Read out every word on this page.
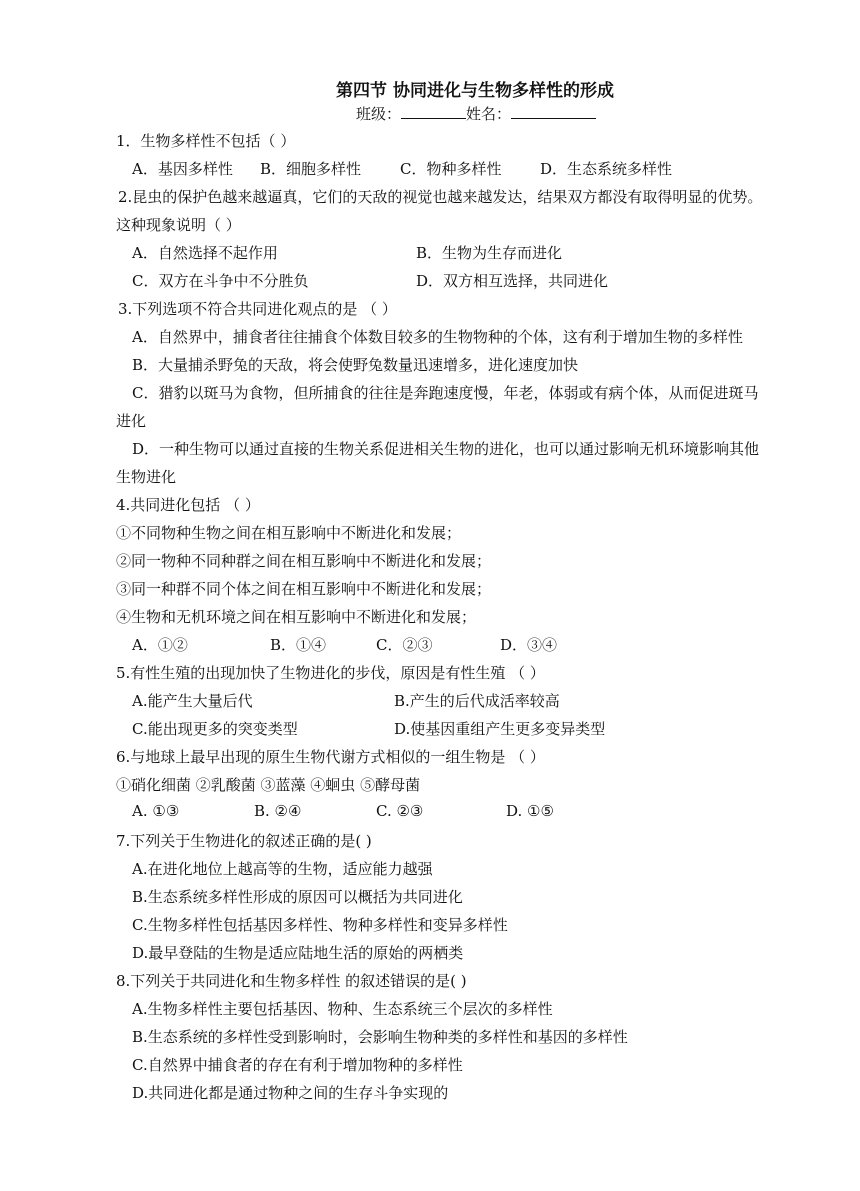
第四节 协同进化与生物多样性的形成
班级：	姓名：
1．生物多样性不包括（ ）
A．基因多样性 B．细胞多样性	C．物种多样性	D．生态系统多样性
2.昆虫的保护色越来越逼真，它们的天敌的视觉也越来越发达，结果双方都没有取得明显的优势。
这种现象说明（ ）
A．自然选择不起作用	B．生物为生存而进化
C．双方在斗争中不分胜负	D．双方相互选择，共同进化
3.下列选项不符合共同进化观点的是 （ ）
A．自然界中，捕食者往往捕食个体数目较多的生物物种的个体，这有利于增加生物的多样性
B．大量捕杀野兔的天敌，将会使野兔数量迅速增多，进化速度加快
C．猎豹以斑马为食物，但所捕食的往往是奔跑速度慢，年老，体弱或有病个体，从而促进斑马
进化
D．一种生物可以通过直接的生物关系促进相关生物的进化，也可以通过影响无机环境影响其他
生物进化
4.共同进化包括 （ ）
①不同物种生物之间在相互影响中不断进化和发展；
②同一物种不同种群之间在相互影响中不断进化和发展；
③同一种群不同个体之间在相互影响中不断进化和发展；
④生物和无机环境之间在相互影响中不断进化和发展；
A．①②	B．①④	C．②③	D．③④
5.有性生殖的出现加快了生物进化的步伐，原因是有性生殖 （ ）
A.能产生大量后代	B.产生的后代成活率较高
C.能出现更多的突变类型	D.使基因重组产生更多变异类型
6.与地球上最早出现的原生生物代谢方式相似的一组生物是 （ ）
①硝化细菌 ②乳酸菌 ③蓝藻 ④蛔虫 ⑤酵母菌
A. ①③	B. ②④	C. ②③	D. ①⑤
7.下列关于生物进化的叙述正确的是( )
A.在进化地位上越高等的生物，适应能力越强
B.生态系统多样性形成的原因可以概括为共同进化
C.生物多样性包括基因多样性、物种多样性和变异多样性
D.最早登陆的生物是适应陆地生活的原始的两栖类
8.下列关于共同进化和生物多样性 的叙述错误的是( )
A.生物多样性主要包括基因、物种、生态系统三个层次的多样性
B.生态系统的多样性受到影响时，会影响生物种类的多样性和基因的多样性
C.自然界中捕食者的存在有利于增加物种的多样性
D.共同进化都是通过物种之间的生存斗争实现的
